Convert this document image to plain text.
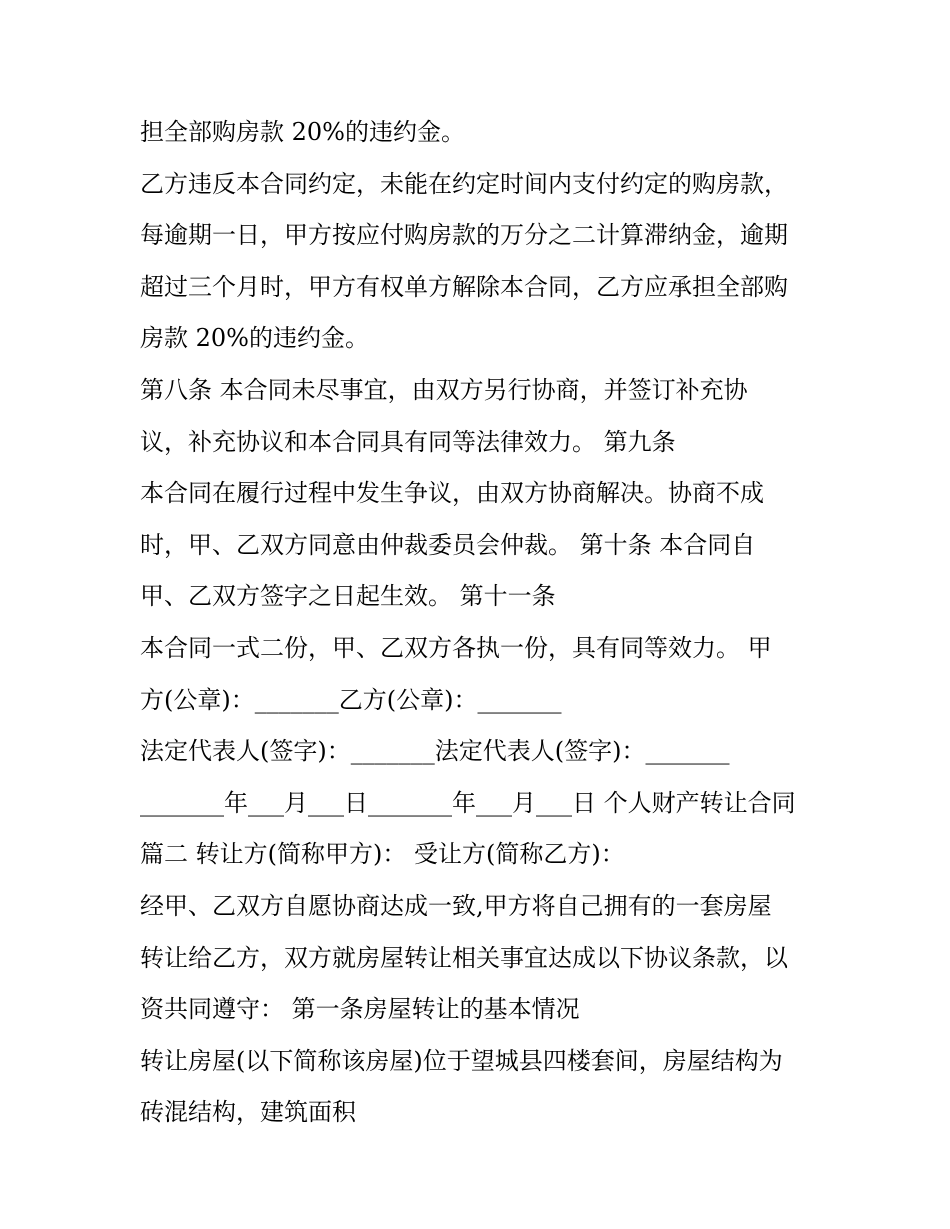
担全部购房款 20%的违约金。
乙方违反本合同约定，未能在约定时间内支付约定的购房款，
每逾期一日，甲方按应付购房款的万分之二计算滞纳金，逾期
超过三个月时，甲方有权单方解除本合同，乙方应承担全部购
房款 20%的违约金。
第八条 本合同未尽事宜，由双方另行协商，并签订补充协
议，补充协议和本合同具有同等法律效力。 第九条
本合同在履行过程中发生争议，由双方协商解决。协商不成
时，甲、乙双方同意由仲裁委员会仲裁。 第十条 本合同自
甲、乙双方签字之日起生效。 第十一条
本合同一式二份，甲、乙双方各执一份，具有同等效力。 甲
方(公章)：_______乙方(公章)：_______
法定代表人(签字)：_______法定代表人(签字)：_______
_______年___月___日_______年___月___日 个人财产转让合同
篇二 转让方(简称甲方)： 受让方(简称乙方)：
经甲、乙双方自愿协商达成一致,甲方将自己拥有的一套房屋
转让给乙方，双方就房屋转让相关事宜达成以下协议条款，以
资共同遵守： 第一条房屋转让的基本情况
转让房屋(以下简称该房屋)位于望城县四楼套间，房屋结构为
砖混结构，建筑面积
